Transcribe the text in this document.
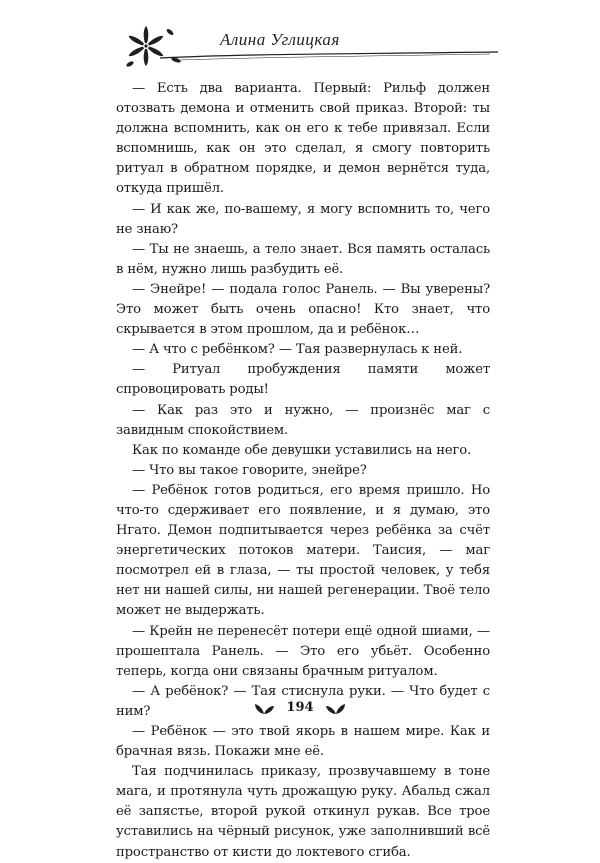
Алина Углицкая

— Есть два варианта. Первый: Рильф должен отозвать демона и отменить свой приказ. Второй: ты должна вспомнить, как он его к тебе привязал. Если вспомнишь, как он это сделал, я смогу повторить ритуал в обратном порядке, и демон вернётся туда, откуда пришёл.

— И как же, по-вашему, я могу вспомнить то, чего не знаю?

— Ты не знаешь, а тело знает. Вся память осталась в нём, нужно лишь разбудить её.

— Энейре! — подала голос Ранель. — Вы уверены? Это может быть очень опасно! Кто знает, что скрывается в этом прошлом, да и ребёнок…

— А что с ребёнком? — Тая развернулась к ней.

— Ритуал пробуждения памяти может спровоцировать роды!

— Как раз это и нужно, — произнёс маг с завидным спокойствием.

Как по команде обе девушки уставились на него.

— Что вы такое говорите, энейре?

— Ребёнок готов родиться, его время пришло. Но что-то сдерживает его появление, и я думаю, это Нгато. Демон подпитывается через ребёнка за счёт энергетических потоков матери. Таисия, — маг посмотрел ей в глаза, — ты простой человек, у тебя нет ни нашей силы, ни нашей регенерации. Твоё тело может не выдержать.

— Крейн не перенесёт потери ещё одной шиами, — прошептала Ранель. — Это его убьёт. Особенно теперь, когда они связаны брачным ритуалом.

— А ребёнок? — Тая стиснула руки. — Что будет с ним?

— Ребёнок — это твой якорь в нашем мире. Как и брачная вязь. Покажи мне её.

Тая подчинилась приказу, прозвучавшему в тоне мага, и протянула чуть дрожащую руку. Абальд сжал её запястье, второй рукой откинул рукав. Все трое уставились на чёрный рисунок, уже заполнивший всё пространство от кисти до локтевого сгиба.

194
